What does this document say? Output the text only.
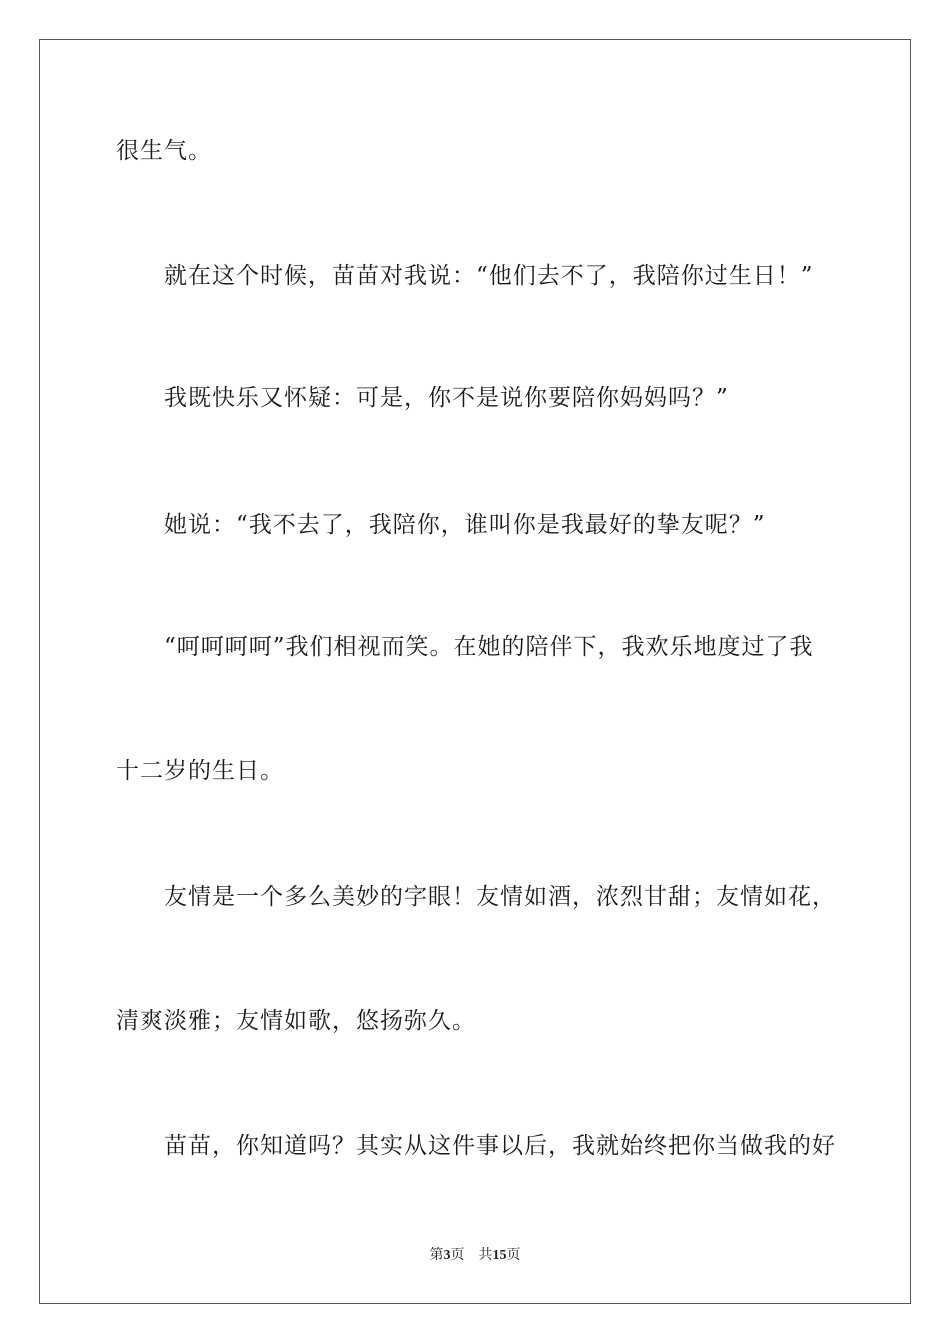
很生气。
就在这个时候，苗苗对我说：“他们去不了，我陪你过生日！”
我既快乐又怀疑：可是，你不是说你要陪你妈妈吗？”
她说：“我不去了，我陪你，谁叫你是我最好的挚友呢？”
“呵呵呵呵”我们相视而笑。在她的陪伴下，我欢乐地度过了我
十二岁的生日。
友情是一个多么美妙的字眼！友情如酒，浓烈甘甜；友情如花，
清爽淡雅；友情如歌，悠扬弥久。
苗苗，你知道吗？其实从这件事以后，我就始终把你当做我的好
第3页 共15页
